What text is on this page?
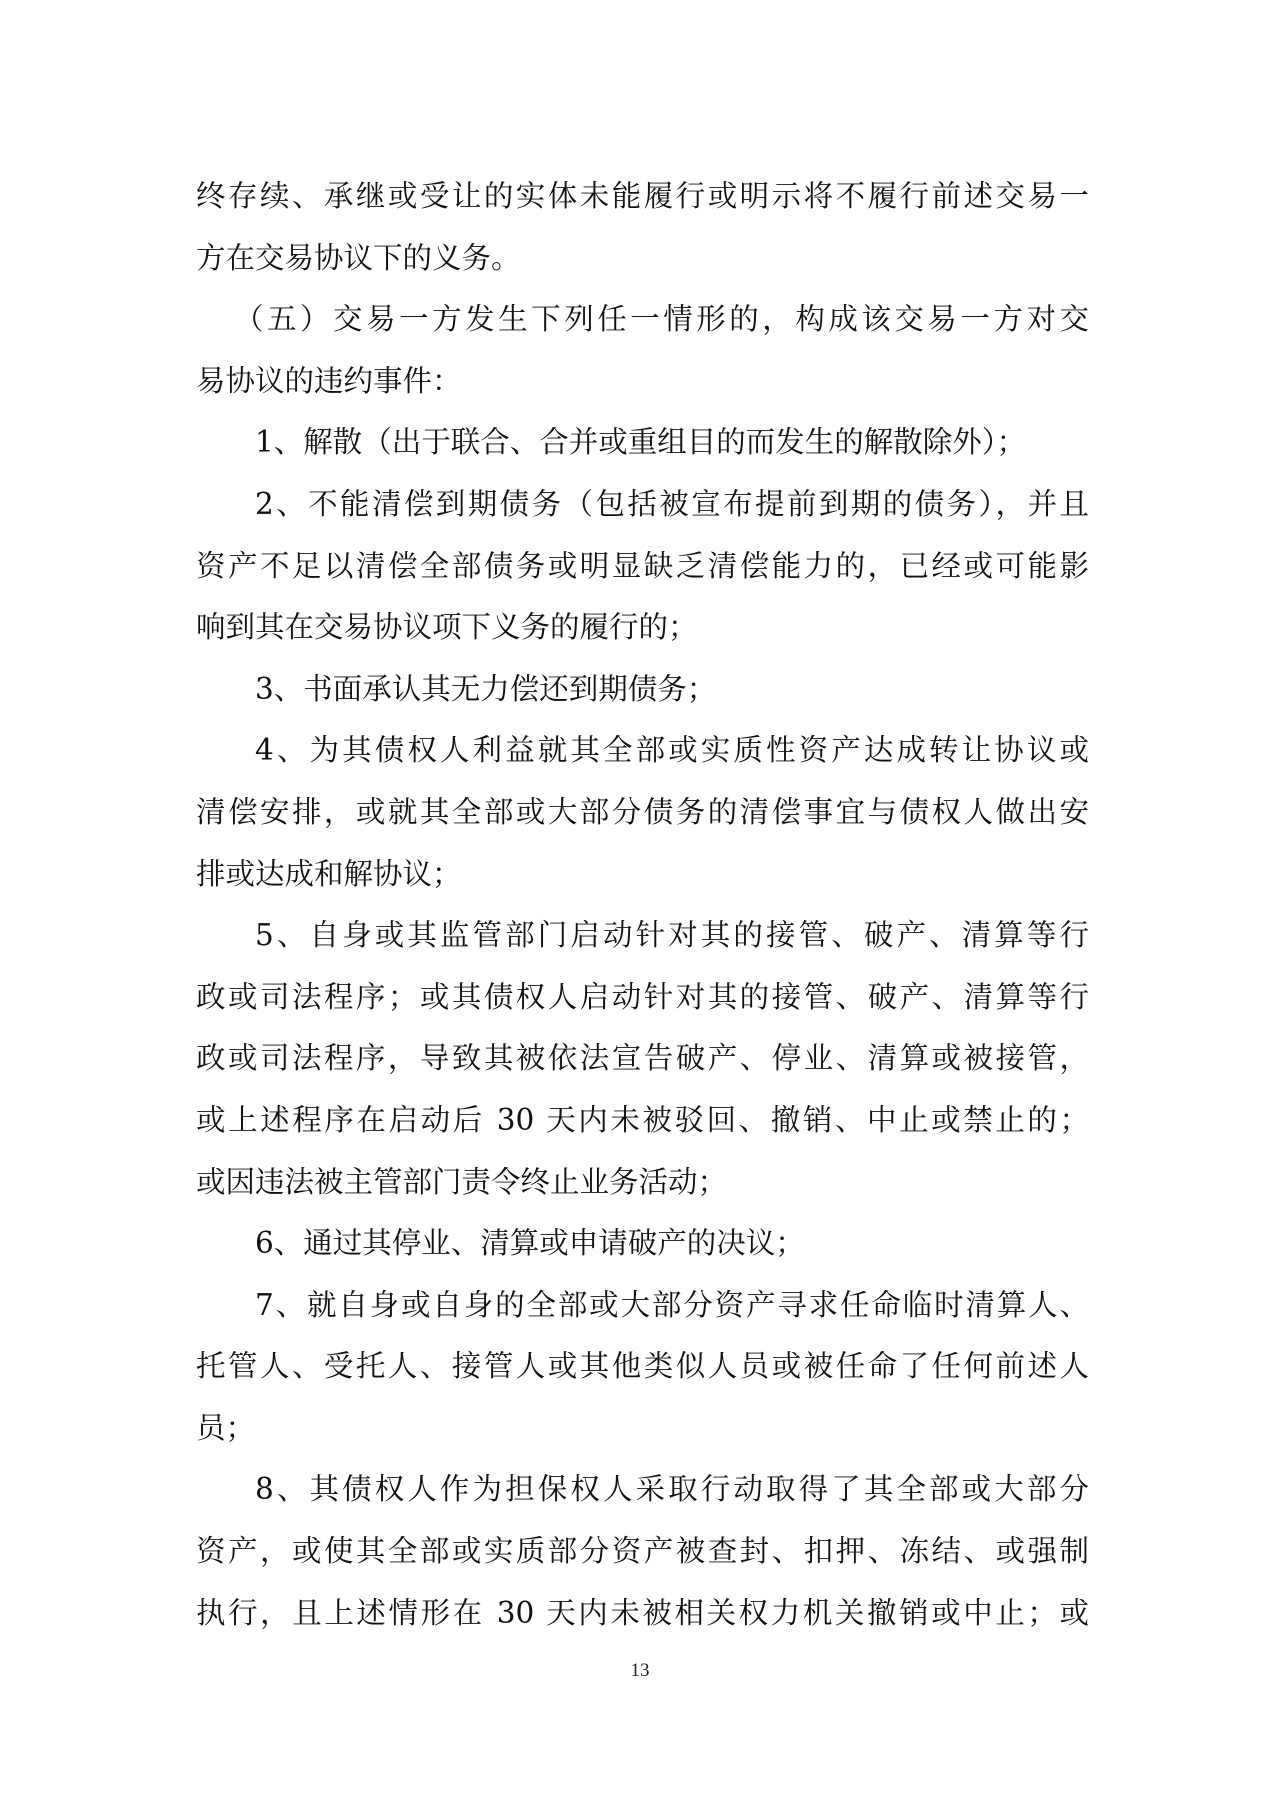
终存续、承继或受让的实体未能履行或明示将不履行前述交易一
方在交易协议下的义务。
（五）交易一方发生下列任一情形的，构成该交易一方对交
易协议的违约事件：
1、解散（出于联合、合并或重组目的而发生的解散除外）；
2、不能清偿到期债务（包括被宣布提前到期的债务），并且
资产不足以清偿全部债务或明显缺乏清偿能力的，已经或可能影
响到其在交易协议项下义务的履行的；
3、书面承认其无力偿还到期债务；
4、为其债权人利益就其全部或实质性资产达成转让协议或
清偿安排，或就其全部或大部分债务的清偿事宜与债权人做出安
排或达成和解协议；
5、自身或其监管部门启动针对其的接管、破产、清算等行
政或司法程序；或其债权人启动针对其的接管、破产、清算等行
政或司法程序，导致其被依法宣告破产、停业、清算或被接管，
或上述程序在启动后 30 天内未被驳回、撤销、中止或禁止的；
或因违法被主管部门责令终止业务活动；
6、通过其停业、清算或申请破产的决议；
7、就自身或自身的全部或大部分资产寻求任命临时清算人、
托管人、受托人、接管人或其他类似人员或被任命了任何前述人
员；
8、其债权人作为担保权人采取行动取得了其全部或大部分
资产，或使其全部或实质部分资产被查封、扣押、冻结、或强制
执行，且上述情形在 30 天内未被相关权力机关撤销或中止；或
13
